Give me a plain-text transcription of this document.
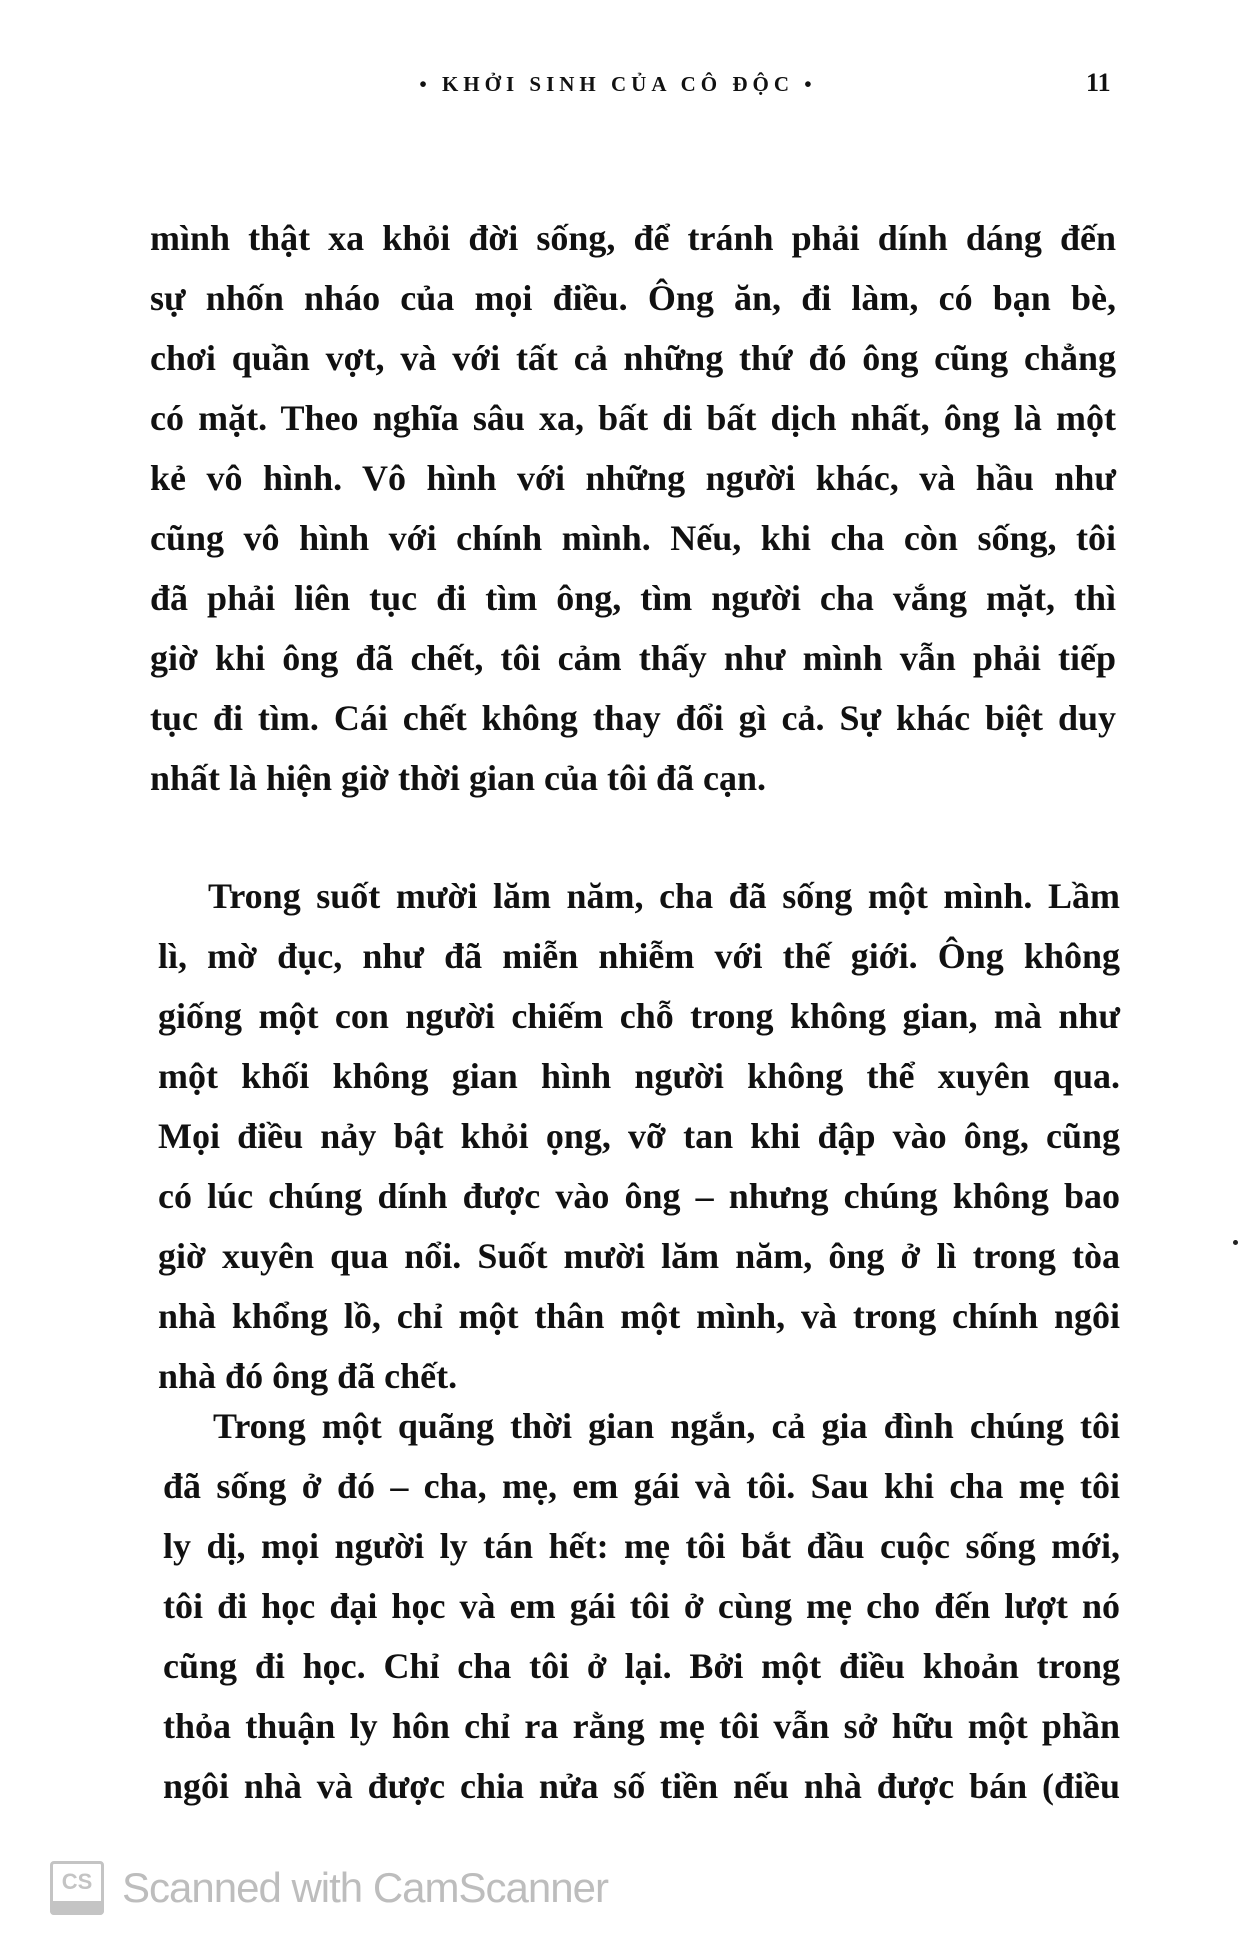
• KHỞI SINH CỦA CÔ ĐỘC •	11
mình thật xa khỏi đời sống, để tránh phải dính dáng đến
sự nhốn nháo của mọi điều. Ông ăn, đi làm, có bạn bè,
chơi quần vợt, và với tất cả những thứ đó ông cũng chẳng
có mặt. Theo nghĩa sâu xa, bất di bất dịch nhất, ông là một
kẻ vô hình. Vô hình với những người khác, và hầu như
cũng vô hình với chính mình. Nếu, khi cha còn sống, tôi
đã phải liên tục đi tìm ông, tìm người cha vắng mặt, thì
giờ khi ông đã chết, tôi cảm thấy như mình vẫn phải tiếp
tục đi tìm. Cái chết không thay đổi gì cả. Sự khác biệt duy
nhất là hiện giờ thời gian của tôi đã cạn.
Trong suốt mười lăm năm, cha đã sống một mình. Lầm
lì, mờ đục, như đã miễn nhiễm với thế giới. Ông không
giống một con người chiếm chỗ trong không gian, mà như
một khối không gian hình người không thể xuyên qua.
Mọi điều nảy bật khỏi ọng, vỡ tan khi đập vào ông, cũng
có lúc chúng dính được vào ông – nhưng chúng không bao
giờ xuyên qua nổi. Suốt mười lăm năm, ông ở lì trong tòa
nhà khổng lồ, chỉ một thân một mình, và trong chính ngôi
nhà đó ông đã chết.
Trong một quãng thời gian ngắn, cả gia đình chúng tôi
đã sống ở đó – cha, mẹ, em gái và tôi. Sau khi cha mẹ tôi
ly dị, mọi người ly tán hết: mẹ tôi bắt đầu cuộc sống mới,
tôi đi học đại học và em gái tôi ở cùng mẹ cho đến lượt nó
cũng đi học. Chỉ cha tôi ở lại. Bởi một điều khoản trong
thỏa thuận ly hôn chỉ ra rằng mẹ tôi vẫn sở hữu một phần
ngôi nhà và được chia nửa số tiền nếu nhà được bán (điều
CS Scanned with CamScanner
